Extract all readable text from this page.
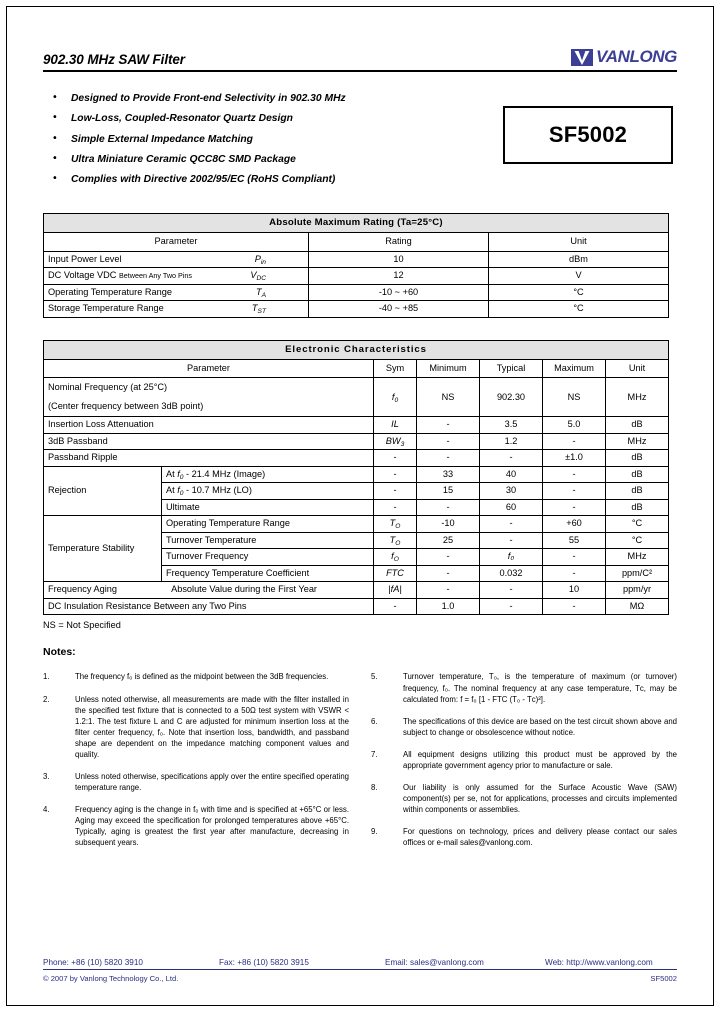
902.30 MHz SAW Filter	VANLONG
• Designed to Provide Front-end Selectivity in 902.30 MHz
• Low-Loss, Coupled-Resonator Quartz Design
• Simple External Impedance Matching
• Ultra Miniature Ceramic QCC8C SMD Package
• Complies with Directive 2002/95/EC (RoHS Compliant)
SF5002
Absolute Maximum Rating (Ta=25°C)		
Parameter	Rating	Unit

Input Power Level $P_{in}$	10	dBm

DC Voltage VDC Between Any Two Pins $V_{DC}$	12	V

Operating Temperature Range $T_A$	-10 ~ +60	°C

Storage Temperature Range $T_{ST}$	-40 ~ +85	°C
Electronic Characteristics						
Parameter		Sym	Minimum	Typical	Maximum	Unit

Nominal Frequency (at 25°C)
(Center frequency between 3dB point)		$f_0$	NS	902.30	NS	MHz
Insertion Loss Attenuation		IL	-	3.5	5.0	dB
3dB Passband		$BW_3$	-	1.2	-	MHz
Passband Ripple		-	-	-	±1.0	dB
Rejection	At $f_0 - 21.4$ MHz (Image)	-	33	40	-	dB
	At $f_0 - 10.7$ MHz (LO)	-	15	30	-	dB
	Ultimate	-	-	60	-	dB
Temperature Stability	Operating Temperature Range	$T_O$	-10	-	+60	°C
	Turnover Temperature	$T_O$	25	-	55	°C
	Turnover Frequency	$f_O$	-	f₀	-	MHz
	Frequency Temperature Coefficient	FTC	-	0.032	-	ppm/C²

Frequency Aging Absolute Value during the First Year		|fA|	-	-	10	ppm/yr
DC Insulation Resistance Between any Two Pins		-	1.0	-	-	MΩ
NS = Not Specified
Notes:
1.	The frequency f₀ is defined as the midpoint between the 3dB frequencies.
2.	Unless noted otherwise, all measurements are made with the filter installed in the specified test fixture that is connected to a 50Ω test system with VSWR < 1.2:1. The test fixture L and C are adjusted for minimum insertion loss at the filter center frequency, f₀. Note that insertion loss, bandwidth, and passband shape are dependent on the impedance matching component values and quality.
3.	Unless noted otherwise, specifications apply over the entire specified operating temperature range.
4.	Frequency aging is the change in f₀ with time and is specified at +65°C or less. Aging may exceed the specification for prolonged temperatures above +65°C. Typically, aging is greatest the first year after manufacture, decreasing in subsequent years.
5.	Turnover temperature, T₀, is the temperature of maximum (or turnover) frequency, f₀. The nominal frequency at any case temperature, Tᴄ, may be calculated from: f = f₀ [1 - FTC (T₀ - Tᴄ)²].
6.	The specifications of this device are based on the test circuit shown above and subject to change or obsolescence without notice.
7.	All equipment designs utilizing this product must be approved by the appropriate government agency prior to manufacture or sale.
8.	Our liability is only assumed for the Surface Acoustic Wave (SAW) component(s) per se, not for applications, processes and circuits implemented within components or assemblies.
9.	For questions on technology, prices and delivery please contact our sales offices or e-mail sales@vanlong.com.
Phone: +86 (10) 5820 3910	Fax: +86 (10) 5820 3915	Email: sales@vanlong.com	Web: http://www.vanlong.com
© 2007 by Vanlong Technology Co., Ltd.	SF5002
